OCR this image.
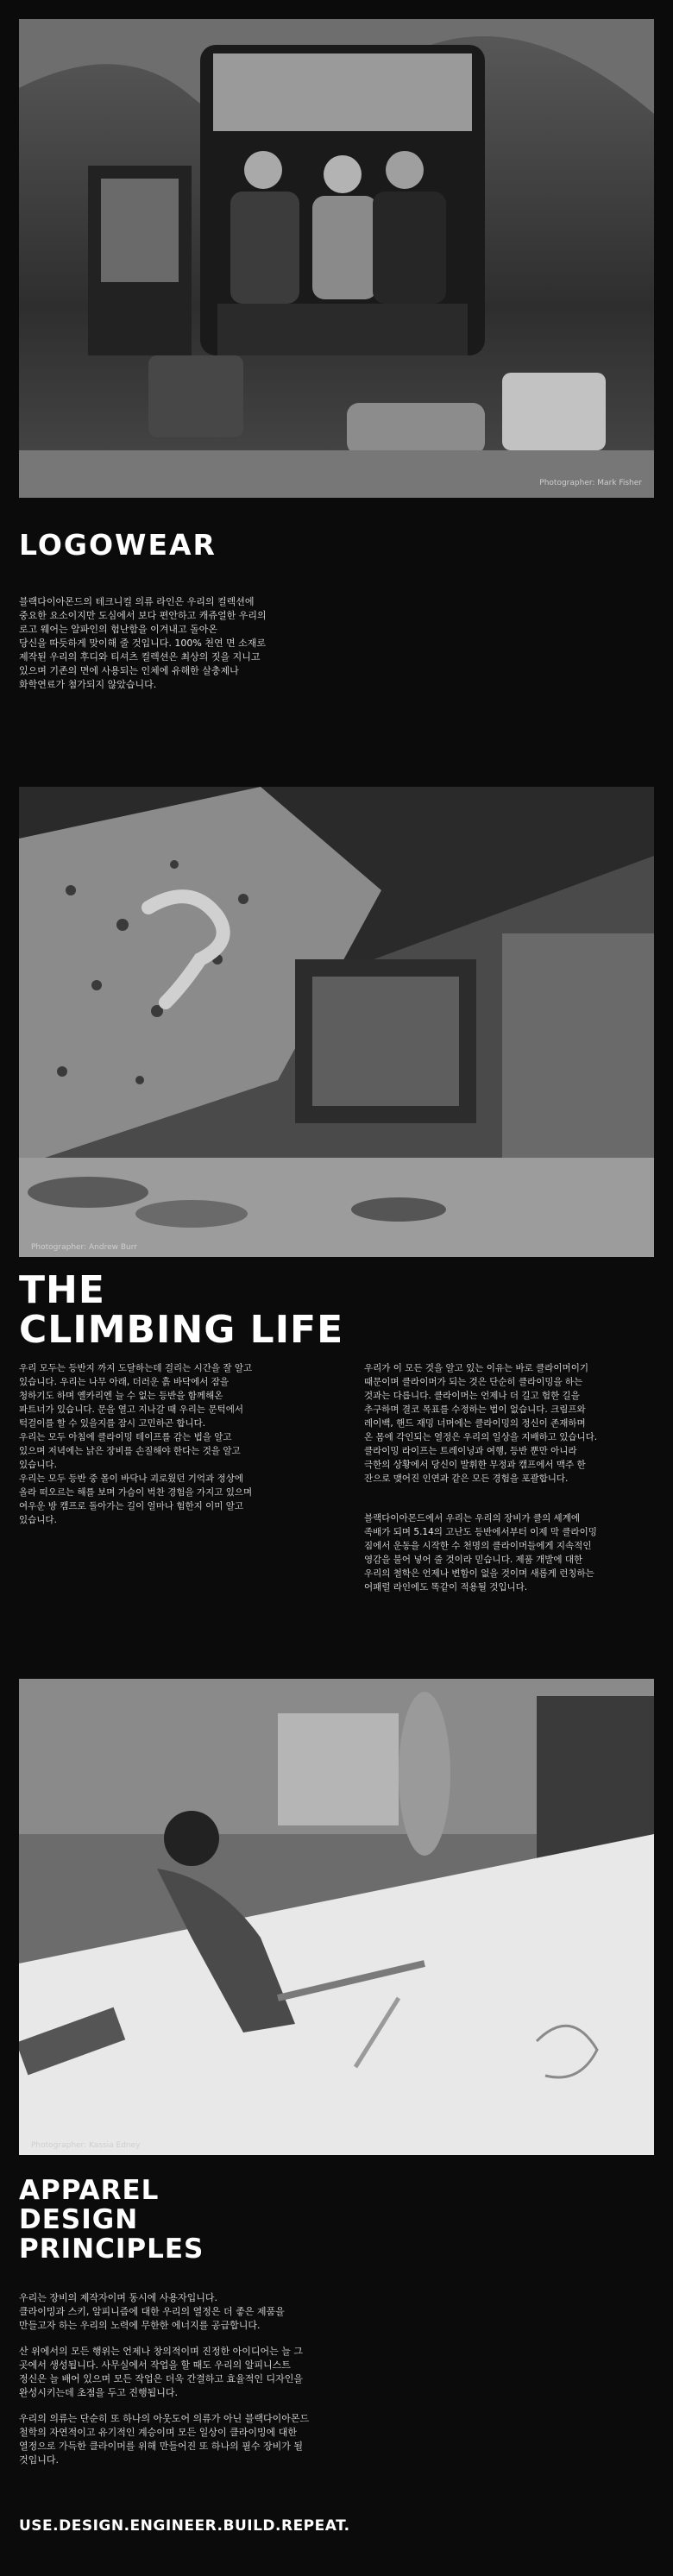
Photographer: Mark Fisher
LOGOWEAR

블랙다이아몬드의 테크니컬 의류 라인은 우리의 컬렉션에
중요한 요소이지만 도심에서 보다 편안하고 캐쥬얼한 우리의
로고 웨어는 알파인의 험난함을 이겨내고 돌아온
당신을 따듯하게 맞이해 줄 것입니다. 100% 천연 면 소재로
제작된 우리의 후디와 티셔츠 컬렉션은 최상의 짓을 지니고
있으며 기존의 면에 사용되는 인체에 유해한 살충제나
화학연료가 첨가되지 않았습니다.

Photographer: Andrew Burr
THE
CLIMBING LIFE

우리 모두는 등반지 까지 도달하는데 걸리는 시간을 잘 알고
있습니다. 우리는 나무 아래, 더러운 흙 바닥에서 잠을
청하기도 하며 옐카리엔 늘 수 없는 등반을 함께해온
파트너가 있습니다. 문을 열고 지나갈 때 우리는 문턱에서
턱걸이를 할 수 있을지를 잠시 고민하곤 합니다.
우리는 모두 아침에 클라이밍 테이프를 감는 법을 알고
있으며 저녁에는 낡은 장비를 손질해야 한다는 것을 알고
있습니다.
우리는 모두 등반 중 몰이 바닥나 괴로웠던 기억과 정상에
올라 떠오르는 해를 보며 가슴이 벅찬 경험을 가지고 있으며
여우운 방 캠프로 돌아가는 길이 얼마나 험한지 이미 알고
있습니다.

우리가 이 모든 것을 알고 있는 이유는 바로 클라이머이기
때문이며 클라이머가 되는 것은 단순히 클라이밍을 하는
것과는 다릅니다. 클라이머는 언제나 더 길고 험한 길을
추구하며 결코 목표를 수정하는 법이 없습니다. 크림프와
레이백, 핸드 재밍 너머에는 클라이밍의 정신이 존재하며
온 몸에 각인되는 열정은 우리의 일상을 지배하고 있습니다.
클라이밍 라이프는 트레이닝과 여행, 등반 뿐만 아니라
극한의 상황에서 당신이 발휘한 무정과 캠프에서 맥주 한
잔으로 맺어진 인연과 같은 모든 경험을 포괄합니다.

블랙다이아몬드에서 우리는 우리의 장비가 클의 세계에
족배가 되며 5.14의 고난도 등반에서부터 이제 막 클라이밍
짐에서 운동을 시작한 수 천명의 클라이머들에게 지속적인
영감을 불어 넣어 줄 것이라 믿습니다. 제품 개발에 대한
우리의 철학은 언제나 변함이 없을 것이며 새롭게 런칭하는
어패럴 라인에도 똑같이 적용될 것입니다.

Photographer: Kassia Edney
APPAREL
DESIGN
PRINCIPLES

우리는 장비의 제작자이며 동시에 사용자입니다.
클라이밍과 스키, 알피니즘에 대한 우리의 열정은 더 좋은 제품을
만들고자 하는 우리의 노력에 무한한 에너지를 공급합니다.

산 위에서의 모든 행위는 언제나 창의적이며 진정한 아이디어는 늘 그
곳에서 생성됩니다. 사무실에서 작업을 할 때도 우리의 알피니스트
정신은 늘 배어 있으며 모든 작업은 더욱 간결하고 효율적인 디자인을
완성시키는데 초점을 두고 진행됩니다.

우리의 의류는 단순히 또 하나의 아웃도어 의류가 아닌 블랙다이아몬드
철학의 자연적이고 유기적인 계승이며 모든 일상이 클라이밍에 대한
열정으로 가득한 클라이머를 위해 만들어진 또 하나의 필수 장비가 될
것입니다.

USE.DESIGN.ENGINEER.BUILD.REPEAT.
